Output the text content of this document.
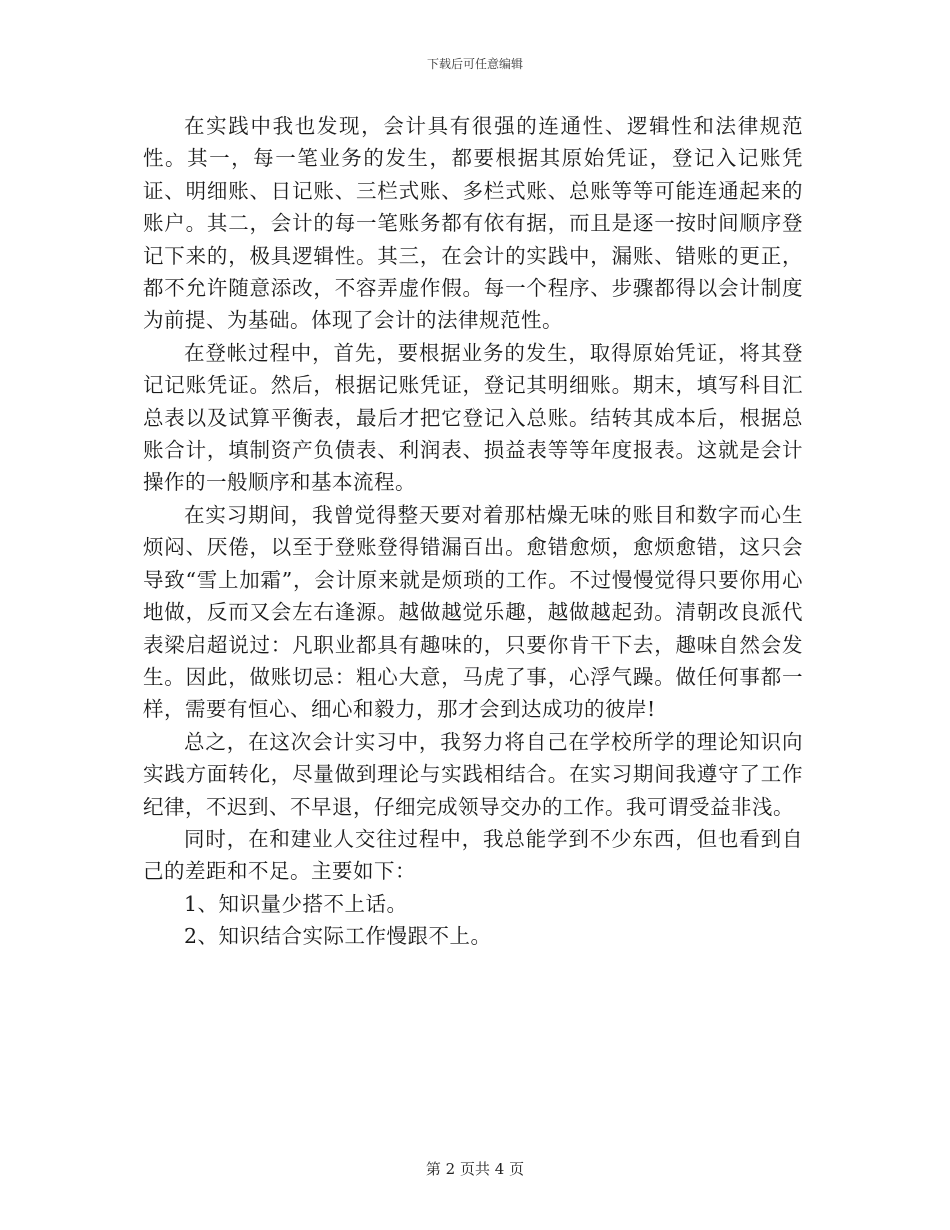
下载后可任意编辑

在实践中我也发现，会计具有很强的连通性、逻辑性和法律规范性。其一，每一笔业务的发生，都要根据其原始凭证，登记入记账凭证、明细账、日记账、三栏式账、多栏式账、总账等等可能连通起来的账户。其二，会计的每一笔账务都有依有据，而且是逐一按时间顺序登记下来的，极具逻辑性。其三，在会计的实践中，漏账、错账的更正，都不允许随意添改，不容弄虚作假。每一个程序、步骤都得以会计制度为前提、为基础。体现了会计的法律规范性。

在登帐过程中，首先，要根据业务的发生，取得原始凭证，将其登记记账凭证。然后，根据记账凭证，登记其明细账。期末，填写科目汇总表以及试算平衡表，最后才把它登记入总账。结转其成本后，根据总账合计，填制资产负债表、利润表、损益表等等年度报表。这就是会计操作的一般顺序和基本流程。

在实习期间，我曾觉得整天要对着那枯燥无味的账目和数字而心生烦闷、厌倦，以至于登账登得错漏百出。愈错愈烦，愈烦愈错，这只会导致“雪上加霜”，会计原来就是烦琐的工作。不过慢慢觉得只要你用心地做，反而又会左右逢源。越做越觉乐趣，越做越起劲。清朝改良派代表梁启超说过：凡职业都具有趣味的，只要你肯干下去，趣味自然会发生。因此，做账切忌：粗心大意，马虎了事，心浮气躁。做任何事都一样，需要有恒心、细心和毅力，那才会到达成功的彼岸!

总之，在这次会计实习中，我努力将自己在学校所学的理论知识向实践方面转化，尽量做到理论与实践相结合。在实习期间我遵守了工作纪律，不迟到、不早退，仔细完成领导交办的工作。我可谓受益非浅。

同时，在和建业人交往过程中，我总能学到不少东西，但也看到自己的差距和不足。主要如下：

1、知识量少搭不上话。

2、知识结合实际工作慢跟不上。

第 2 页共 4 页
